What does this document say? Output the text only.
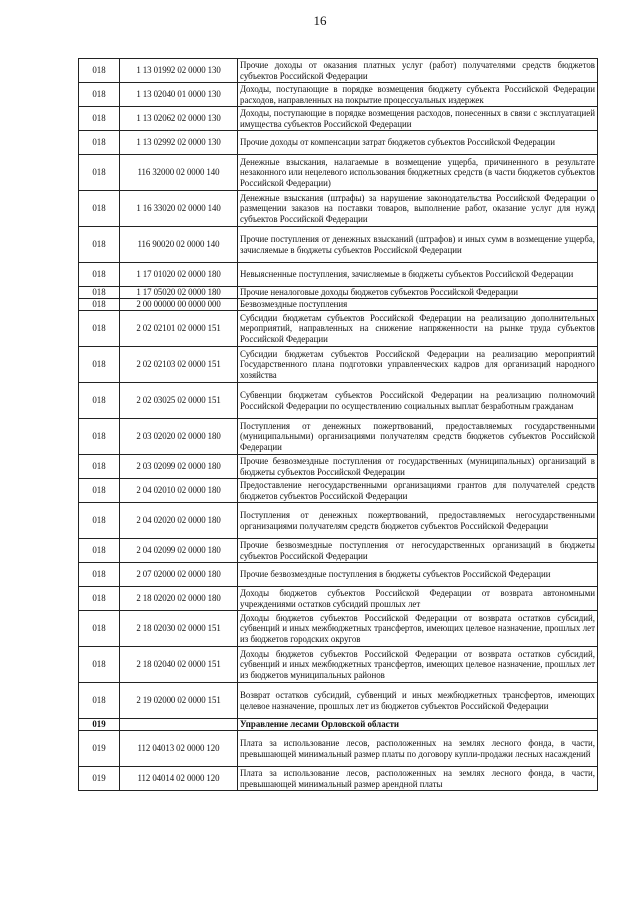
16
018	1 13 01992 02 0000 130	Прочие доходы от оказания платных услуг (работ) получателями средств бюджетов субъектов Российской Федерации
018	1 13 02040 01 0000 130	Доходы, поступающие в порядке возмещения бюджету субъекта Российской Федерации расходов, направленных на покрытие процессуальных издержек
018	1 13 02062 02 0000 130	Доходы, поступающие в порядке возмещения расходов, понесенных в связи с эксплуатацией имущества субъектов Российской Федерации
018	1 13 02992 02 0000 130	Прочие доходы от компенсации затрат бюджетов субъектов Российской Федерации
018	116 32000 02 0000 140	Денежные взыскания, налагаемые в возмещение ущерба, причиненного в результате незаконного или нецелевого использования бюджетных средств (в части бюджетов субъектов Российской Федерации)
018	1 16 33020 02 0000 140	Денежные взыскания (штрафы) за нарушение законодательства Российской Федерации о размещении заказов на поставки товаров, выполнение работ, оказание услуг для нужд субъектов Российской Федерации
018	116 90020 02 0000 140	Прочие поступления от денежных взысканий (штрафов) и иных сумм в возмещение ущерба, зачисляемые в бюджеты субъектов Российской Федерации
018	1 17 01020 02 0000 180	Невыясненные поступления, зачисляемые в бюджеты субъектов Российской Федерации
018	1 17 05020 02 0000 180	Прочие неналоговые доходы бюджетов субъектов Российской Федерации
018	2 00 00000 00 0000 000	Безвозмездные поступления
018	2 02 02101 02 0000 151	Субсидии бюджетам субъектов Российской Федерации на реализацию дополнительных мероприятий, направленных на снижение напряженности на рынке труда субъектов Российской Федерации
018	2 02 02103 02 0000 151	Субсидии бюджетам субъектов Российской Федерации на реализацию мероприятий Государственного плана подготовки управленческих кадров для организаций народного хозяйства
018	2 02 03025 02 0000 151	Субвенции бюджетам субъектов Российской Федерации на реализацию полномочий Российской Федерации по осуществлению социальных выплат безработным гражданам
018	2 03 02020 02 0000 180	Поступления от денежных пожертвований, предоставляемых государственными (муниципальными) организациями получателям средств бюджетов субъектов Российской Федерации
018	2 03 02099 02 0000 180	Прочие безвозмездные поступления от государственных (муниципальных) организаций в бюджеты субъектов Российской Федерации
018	2 04 02010 02 0000 180	Предоставление негосударственными организациями грантов для получателей средств бюджетов субъектов Российской Федерации
018	2 04 02020 02 0000 180	Поступления от денежных пожертвований, предоставляемых негосударственными организациями получателям средств бюджетов субъектов Российской Федерации
018	2 04 02099 02 0000 180	Прочие безвозмездные поступления от негосударственных организаций в бюджеты субъектов Российской Федерации
018	2 07 02000 02 0000 180	Прочие безвозмездные поступления в бюджеты субъектов Российской Федерации
018	2 18 02020 02 0000 180	Доходы бюджетов субъектов Российской Федерации от возврата автономными учреждениями остатков субсидий прошлых лет
018	2 18 02030 02 0000 151	Доходы бюджетов субъектов Российской Федерации от возврата остатков субсидий, субвенций и иных межбюджетных трансфертов, имеющих целевое назначение, прошлых лет из бюджетов городских округов
018	2 18 02040 02 0000 151	Доходы бюджетов субъектов Российской Федерации от возврата остатков субсидий, субвенций и иных межбюджетных трансфертов, имеющих целевое назначение, прошлых лет из бюджетов муниципальных районов
018	2 19 02000 02 0000 151	Возврат остатков субсидий, субвенций и иных межбюджетных трансфертов, имеющих целевое назначение, прошлых лет из бюджетов субъектов Российской Федерации
019		Управление лесами Орловской области
019	112 04013 02 0000 120	Плата за использование лесов, расположенных на землях лесного фонда, в части, превышающей минимальный размер платы по договору купли-продажи лесных насаждений
019	112 04014 02 0000 120	Плата за использование лесов, расположенных на землях лесного фонда, в части, превышающей минимальный размер арендной платы
